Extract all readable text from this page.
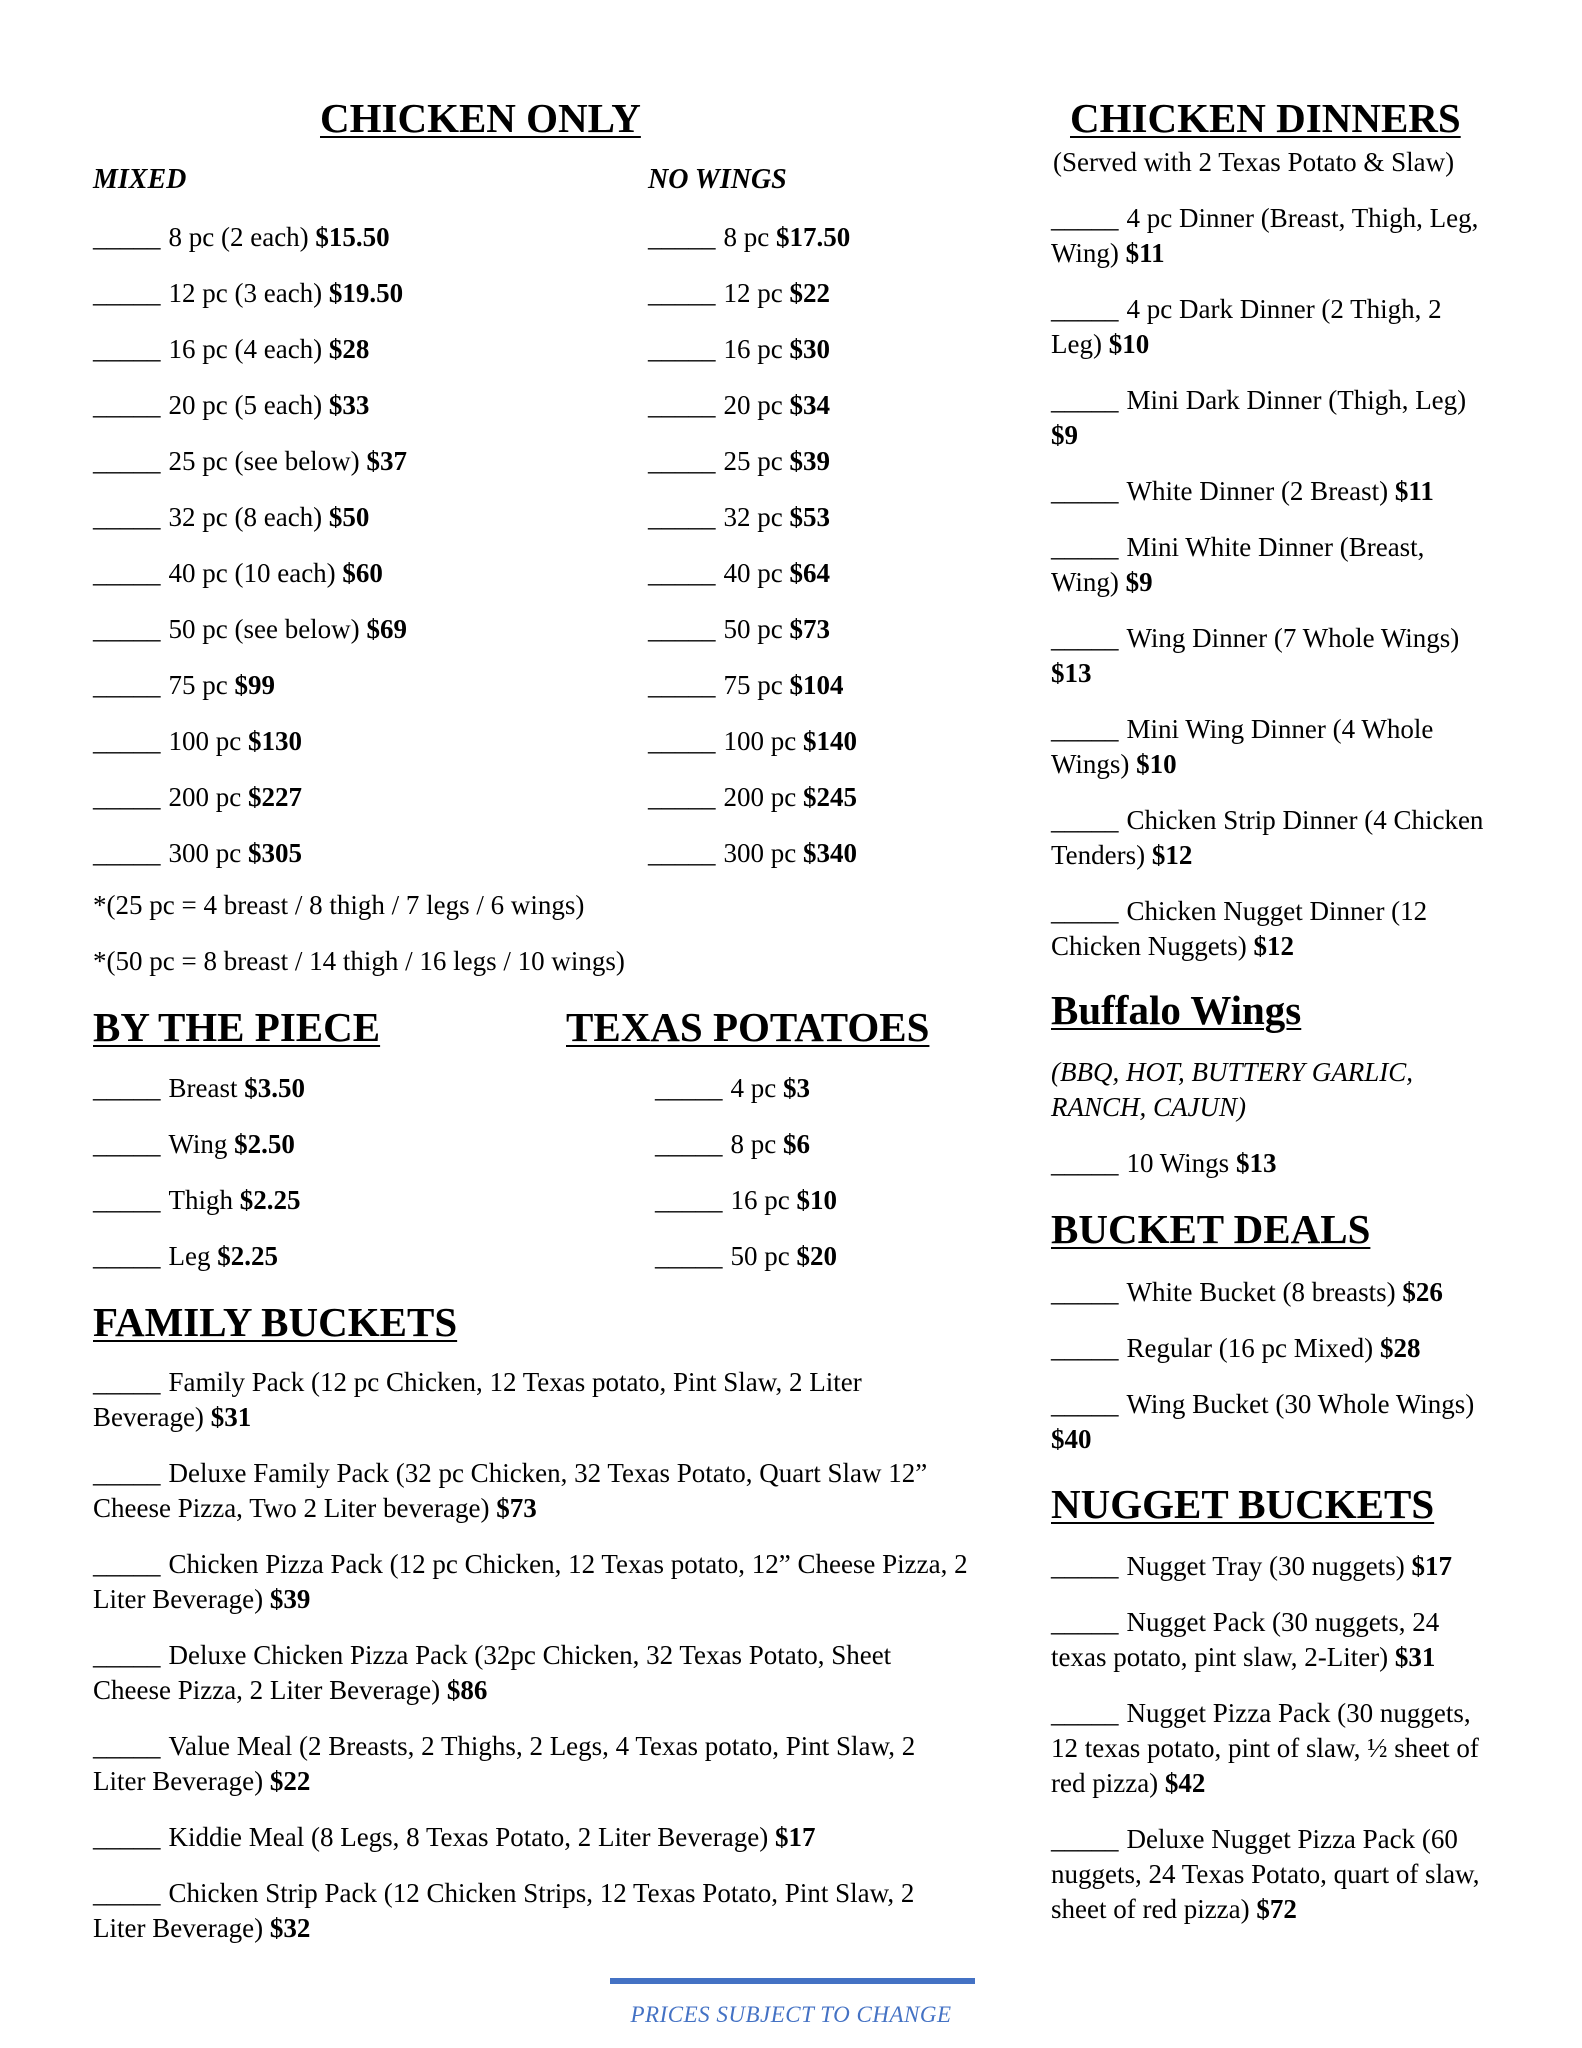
CHICKEN ONLY
MIXED	NO WINGS
_____ 8 pc (2 each) $15.50
_____ 12 pc (3 each) $19.50
_____ 16 pc (4 each) $28
_____ 20 pc (5 each) $33
_____ 25 pc (see below) $37
_____ 32 pc (8 each) $50
_____ 40 pc (10 each) $60
_____ 50 pc (see below) $69
_____ 75 pc $99
_____ 100 pc $130
_____ 200 pc $227
_____ 300 pc $305
_____ 8 pc $17.50
_____ 12 pc $22
_____ 16 pc $30
_____ 20 pc $34
_____ 25 pc $39
_____ 32 pc $53
_____ 40 pc $64
_____ 50 pc $73
_____ 75 pc $104
_____ 100 pc $140
_____ 200 pc $245
_____ 300 pc $340
*(25 pc = 4 breast / 8 thigh / 7 legs / 6 wings)
*(50 pc = 8 breast / 14 thigh / 16 legs / 10 wings)
BY THE PIECE	TEXAS POTATOES
_____ Breast $3.50
_____ Wing $2.50
_____ Thigh $2.25
_____ Leg $2.25
_____ 4 pc $3
_____ 8 pc $6
_____ 16 pc $10
_____ 50 pc $20
FAMILY BUCKETS
_____ Family Pack (12 pc Chicken, 12 Texas potato, Pint Slaw, 2 Liter Beverage) $31
_____ Deluxe Family Pack (32 pc Chicken, 32 Texas Potato, Quart Slaw 12” Cheese Pizza, Two 2 Liter beverage) $73
_____ Chicken Pizza Pack (12 pc Chicken, 12 Texas potato, 12” Cheese Pizza, 2 Liter Beverage) $39
_____ Deluxe Chicken Pizza Pack (32pc Chicken, 32 Texas Potato, Sheet Cheese Pizza, 2 Liter Beverage) $86
_____ Value Meal (2 Breasts, 2 Thighs, 2 Legs, 4 Texas potato, Pint Slaw, 2 Liter Beverage) $22
_____ Kiddie Meal (8 Legs, 8 Texas Potato, 2 Liter Beverage) $17
_____ Chicken Strip Pack (12 Chicken Strips, 12 Texas Potato, Pint Slaw, 2 Liter Beverage) $32
CHICKEN DINNERS
(Served with 2 Texas Potato & Slaw)
_____ 4 pc Dinner (Breast, Thigh, Leg, Wing) $11
_____ 4 pc Dark Dinner (2 Thigh, 2 Leg) $10
_____ Mini Dark Dinner (Thigh, Leg) $9
_____ White Dinner (2 Breast) $11
_____ Mini White Dinner (Breast, Wing) $9
_____ Wing Dinner (7 Whole Wings) $13
_____ Mini Wing Dinner (4 Whole Wings) $10
_____ Chicken Strip Dinner (4 Chicken Tenders) $12
_____ Chicken Nugget Dinner (12 Chicken Nuggets) $12
Buffalo Wings
(BBQ, HOT, BUTTERY GARLIC, RANCH, CAJUN)
_____ 10 Wings $13
BUCKET DEALS
_____ White Bucket (8 breasts) $26
_____ Regular (16 pc Mixed) $28
_____ Wing Bucket (30 Whole Wings) $40
NUGGET BUCKETS
_____ Nugget Tray (30 nuggets) $17
_____ Nugget Pack (30 nuggets, 24 texas potato, pint slaw, 2-Liter) $31
_____ Nugget Pizza Pack (30 nuggets, 12 texas potato, pint of slaw, ½ sheet of red pizza) $42
_____ Deluxe Nugget Pizza Pack (60 nuggets, 24 Texas Potato, quart of slaw, sheet of red pizza) $72
PRICES SUBJECT TO CHANGE
